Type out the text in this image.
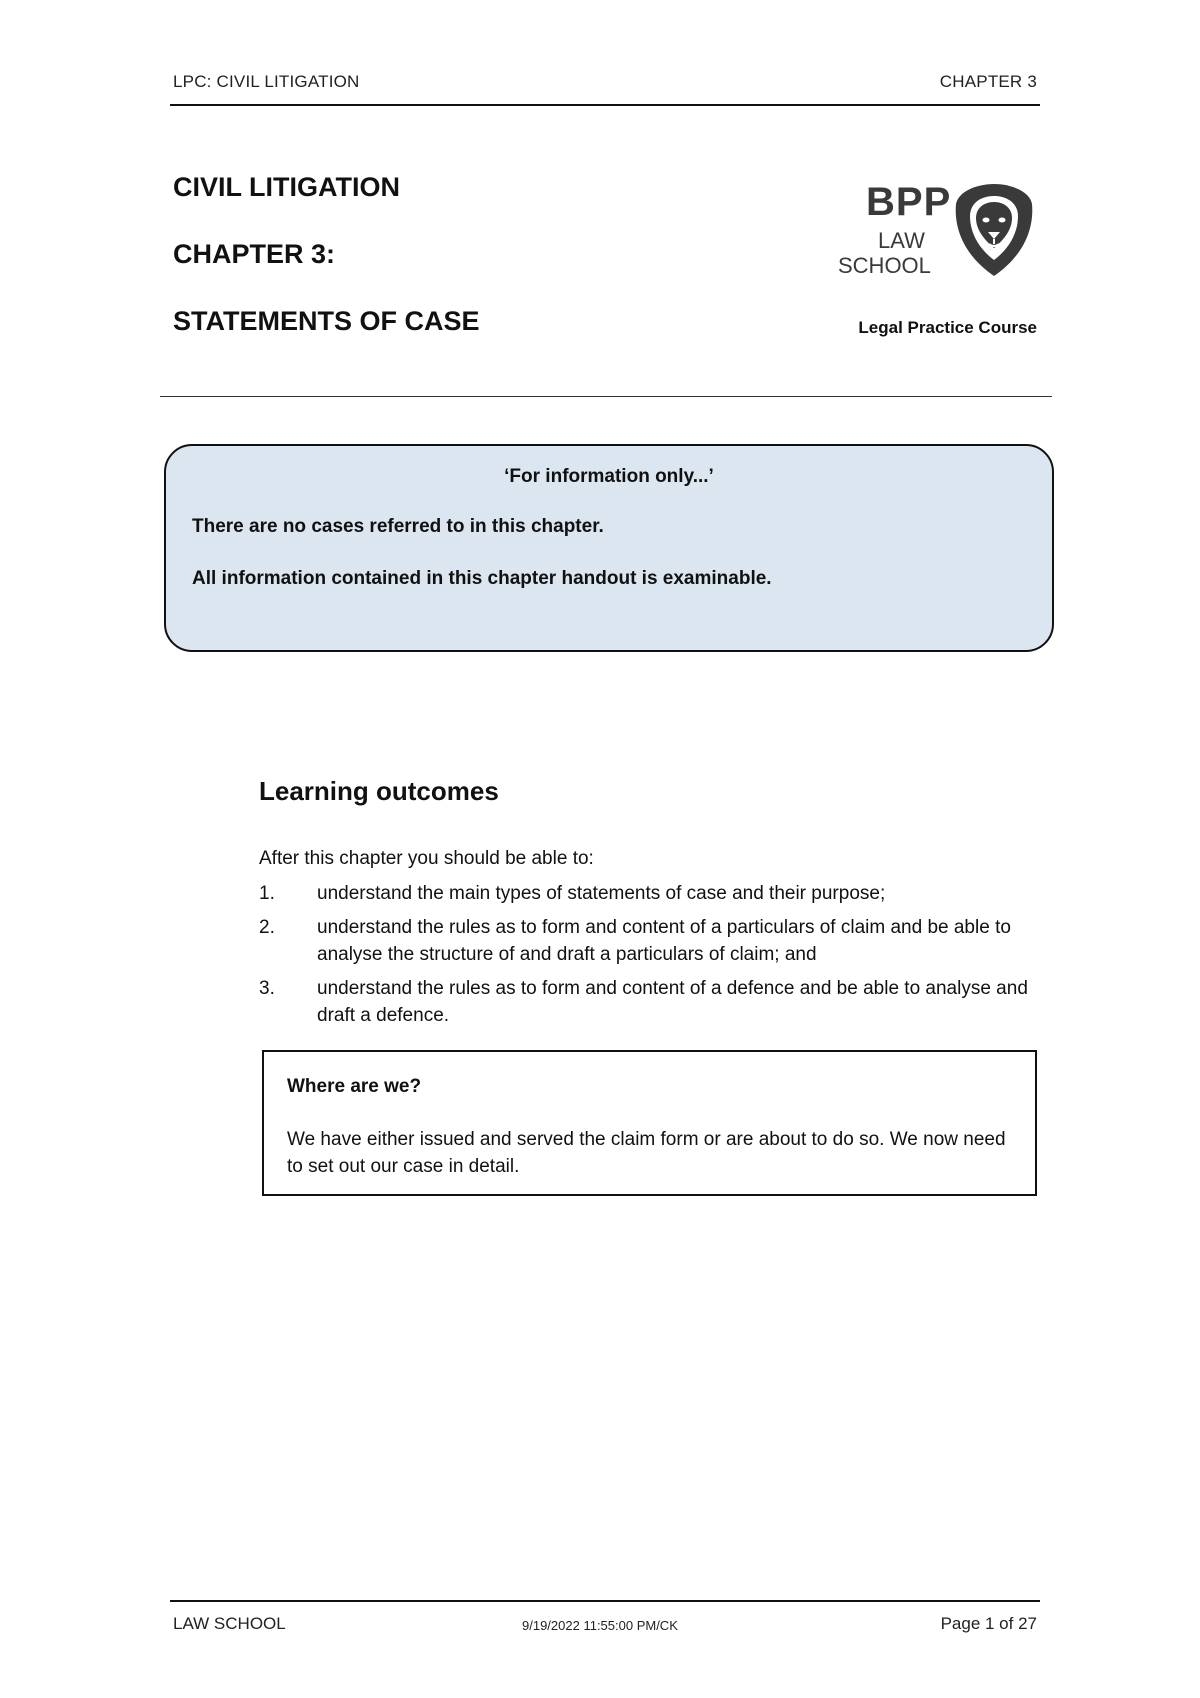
LPC: CIVIL LITIGATION	CHAPTER 3
CIVIL LITIGATION
CHAPTER 3:
STATEMENTS OF CASE
BPP
LAW
SCHOOL
Legal Practice Course
‘For information only...’
There are no cases referred to in this chapter.
All information contained in this chapter handout is examinable.
Learning outcomes
After this chapter you should be able to:
1. understand the main types of statements of case and their purpose;
2. understand the rules as to form and content of a particulars of claim and be able to analyse the structure of and draft a particulars of claim; and
3. understand the rules as to form and content of a defence and be able to analyse and draft a defence.
Where are we?
We have either issued and served the claim form or are about to do so. We now need to set out our case in detail.
LAW SCHOOL	9/19/2022 11:55:00 PM/CK	Page 1 of 27
